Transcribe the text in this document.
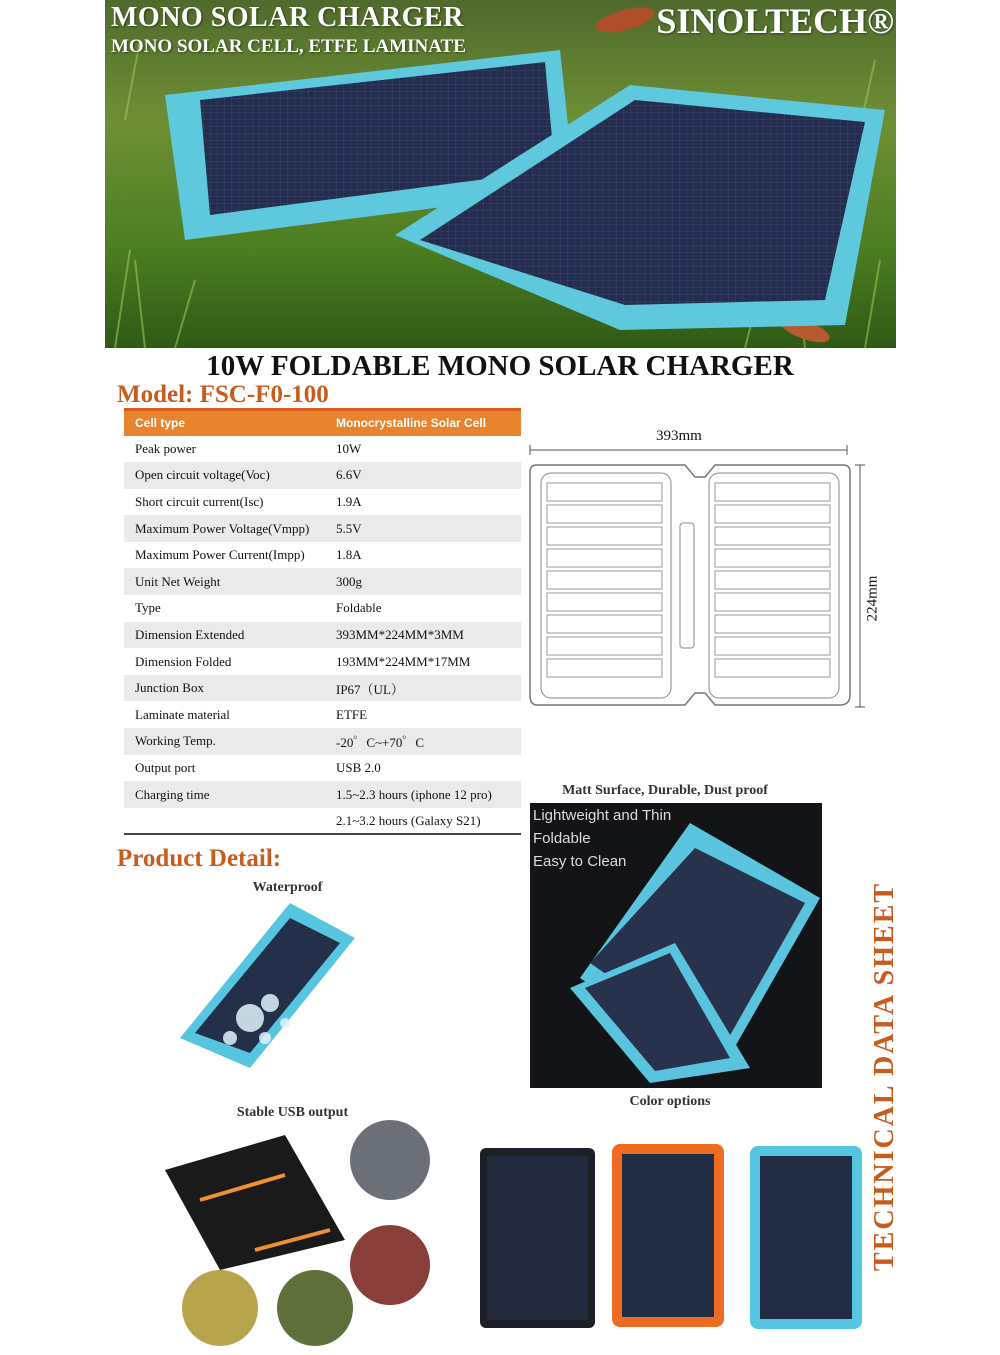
MONO SOLAR CHARGER
MONO SOLAR CELL, ETFE LAMINATE
SINOLTECH®
10W FOLDABLE MONO SOLAR CHARGER
Model: FSC-F0-100
Cell type	Monocrystalline Solar Cell
Peak power	10W
Open circuit voltage(Voc)	6.6V
Short circuit current(Isc)	1.9A
Maximum Power Voltage(Vmpp)	5.5V
Maximum Power Current(Impp)	1.8A
Unit Net Weight	300g
Type	Foldable
Dimension Extended	393MM*224MM*3MM
Dimension Folded	193MM*224MM*17MM
Junction Box	IP67（UL）
Laminate material	ETFE
Working Temp.	-20゜C~+70゜C
Output port	USB 2.0
Charging time	1.5~2.3 hours (iphone 12 pro)
	2.1~3.2 hours (Galaxy S21)
393mm
224mm
Product Detail:
Waterproof
Matt Surface, Durable, Dust proof
Lightweight and Thin
Foldable
Easy to Clean
Stable USB output
Color options	TECHNICAL DATA SHEET
